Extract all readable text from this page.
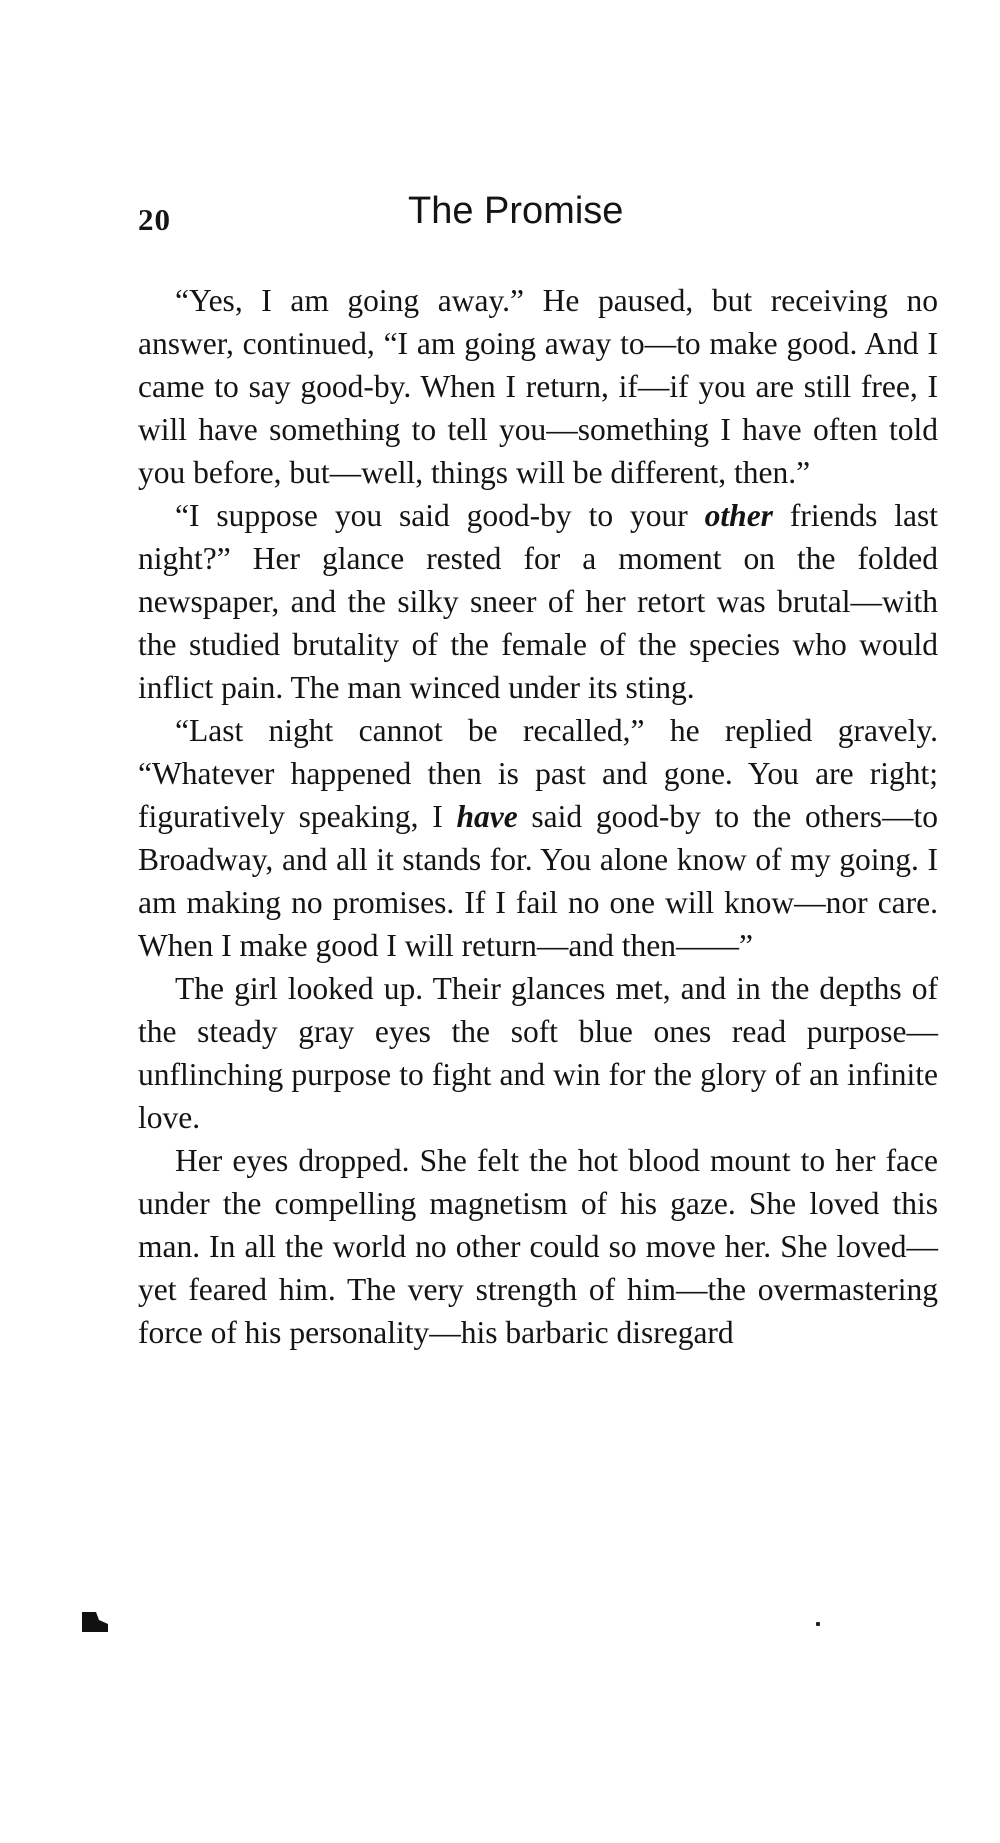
20	The Promise

“Yes, I am going away.” He paused, but receiving no answer, continued, “I am going away to—to make good. And I came to say good-by. When I return, if—if you are still free, I will have something to tell you—something I have often told you before, but—well, things will be different, then.”

“I suppose you said good-by to your other friends last night?” Her glance rested for a moment on the folded newspaper, and the silky sneer of her retort was brutal—with the studied brutality of the female of the species who would inflict pain. The man winced under its sting.

“Last night cannot be recalled,” he replied gravely. “Whatever happened then is past and gone. You are right; figuratively speaking, I have said good-by to the others—to Broadway, and all it stands for. You alone know of my going. I am making no promises. If I fail no one will know—nor care. When I make good I will return—and then——”

The girl looked up. Their glances met, and in the depths of the steady gray eyes the soft blue ones read purpose—unflinching purpose to fight and win for the glory of an infinite love.

Her eyes dropped. She felt the hot blood mount to her face under the compelling magnetism of his gaze. She loved this man. In all the world no other could so move her. She loved—yet feared him. The very strength of him—the overmastering force of his personality—his barbaric disregard
